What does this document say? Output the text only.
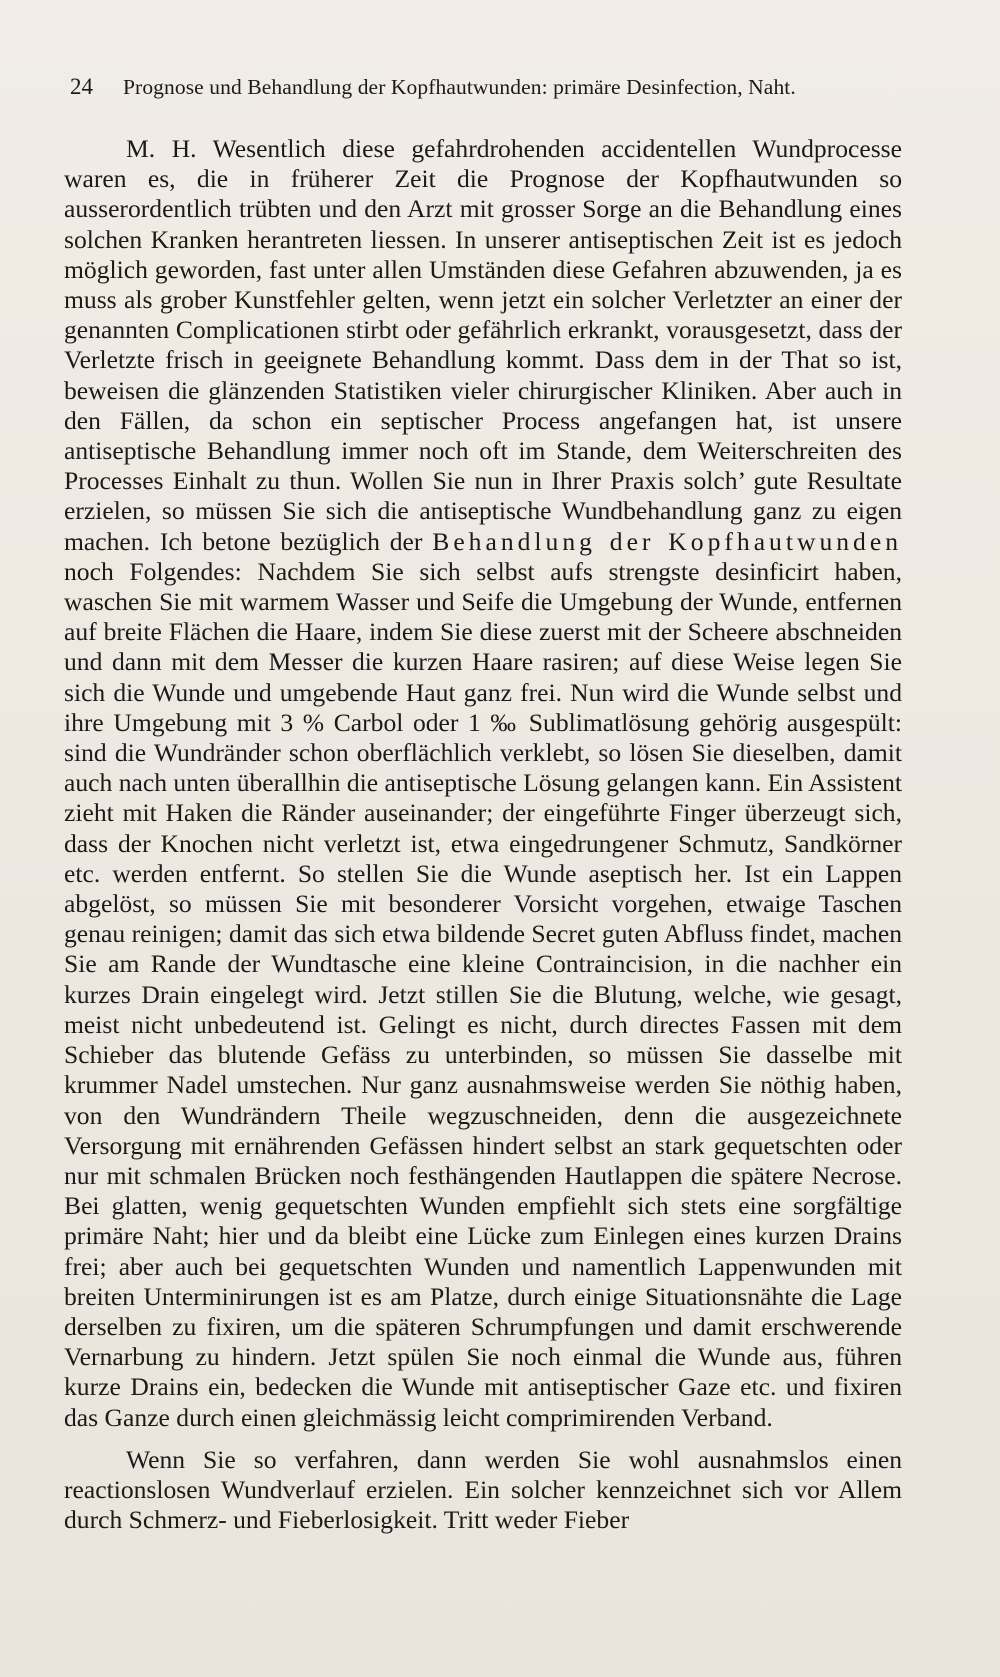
24 Prognose und Behandlung der Kopfhautwunden: primäre Desinfection, Naht.

M. H. Wesentlich diese gefahrdrohenden accidentellen Wundprocesse waren es, die in früherer Zeit die Prognose der Kopfhautwunden so ausserordentlich trübten und den Arzt mit grosser Sorge an die Behandlung eines solchen Kranken herantreten liessen. In unserer antiseptischen Zeit ist es jedoch möglich geworden, fast unter allen Umständen diese Gefahren abzuwenden, ja es muss als grober Kunstfehler gelten, wenn jetzt ein solcher Verletzter an einer der genannten Complicationen stirbt oder gefährlich erkrankt, vorausgesetzt, dass der Verletzte frisch in geeignete Behandlung kommt. Dass dem in der That so ist, beweisen die glänzenden Statistiken vieler chirurgischer Kliniken. Aber auch in den Fällen, da schon ein septischer Process angefangen hat, ist unsere antiseptische Behandlung immer noch oft im Stande, dem Weiterschreiten des Processes Einhalt zu thun. Wollen Sie nun in Ihrer Praxis solch’ gute Resultate erzielen, so müssen Sie sich die antiseptische Wundbehandlung ganz zu eigen machen. Ich betone bezüglich der Behandlung der Kopfhautwunden noch Folgendes: Nachdem Sie sich selbst aufs strengste desinficirt haben, waschen Sie mit warmem Wasser und Seife die Umgebung der Wunde, entfernen auf breite Flächen die Haare, indem Sie diese zuerst mit der Scheere abschneiden und dann mit dem Messer die kurzen Haare rasiren; auf diese Weise legen Sie sich die Wunde und umgebende Haut ganz frei. Nun wird die Wunde selbst und ihre Umgebung mit 3 % Carbol oder 1 ‰ Sublimatlösung gehörig ausgespült: sind die Wundränder schon oberflächlich verklebt, so lösen Sie dieselben, damit auch nach unten überallhin die antiseptische Lösung gelangen kann. Ein Assistent zieht mit Haken die Ränder auseinander; der eingeführte Finger überzeugt sich, dass der Knochen nicht verletzt ist, etwa eingedrungener Schmutz, Sandkörner etc. werden entfernt. So stellen Sie die Wunde aseptisch her. Ist ein Lappen abgelöst, so müssen Sie mit besonderer Vorsicht vorgehen, etwaige Taschen genau reinigen; damit das sich etwa bildende Secret guten Abfluss findet, machen Sie am Rande der Wundtasche eine kleine Contraincision, in die nachher ein kurzes Drain eingelegt wird. Jetzt stillen Sie die Blutung, welche, wie gesagt, meist nicht unbedeutend ist. Gelingt es nicht, durch directes Fassen mit dem Schieber das blutende Gefäss zu unterbinden, so müssen Sie dasselbe mit krummer Nadel umstechen. Nur ganz ausnahmsweise werden Sie nöthig haben, von den Wundrändern Theile wegzuschneiden, denn die ausgezeichnete Versorgung mit ernährenden Gefässen hindert selbst an stark gequetschten oder nur mit schmalen Brücken noch festhängenden Hautlappen die spätere Necrose. Bei glatten, wenig gequetschten Wunden empfiehlt sich stets eine sorgfältige primäre Naht; hier und da bleibt eine Lücke zum Einlegen eines kurzen Drains frei; aber auch bei gequetschten Wunden und namentlich Lappenwunden mit breiten Unterminirungen ist es am Platze, durch einige Situationsnähte die Lage derselben zu fixiren, um die späteren Schrumpfungen und damit erschwerende Vernarbung zu hindern. Jetzt spülen Sie noch einmal die Wunde aus, führen kurze Drains ein, bedecken die Wunde mit antiseptischer Gaze etc. und fixiren das Ganze durch einen gleichmässig leicht comprimirenden Verband.

Wenn Sie so verfahren, dann werden Sie wohl ausnahmslos einen reactionslosen Wundverlauf erzielen. Ein solcher kennzeichnet sich vor Allem durch Schmerz- und Fieberlosigkeit. Tritt weder Fieber
